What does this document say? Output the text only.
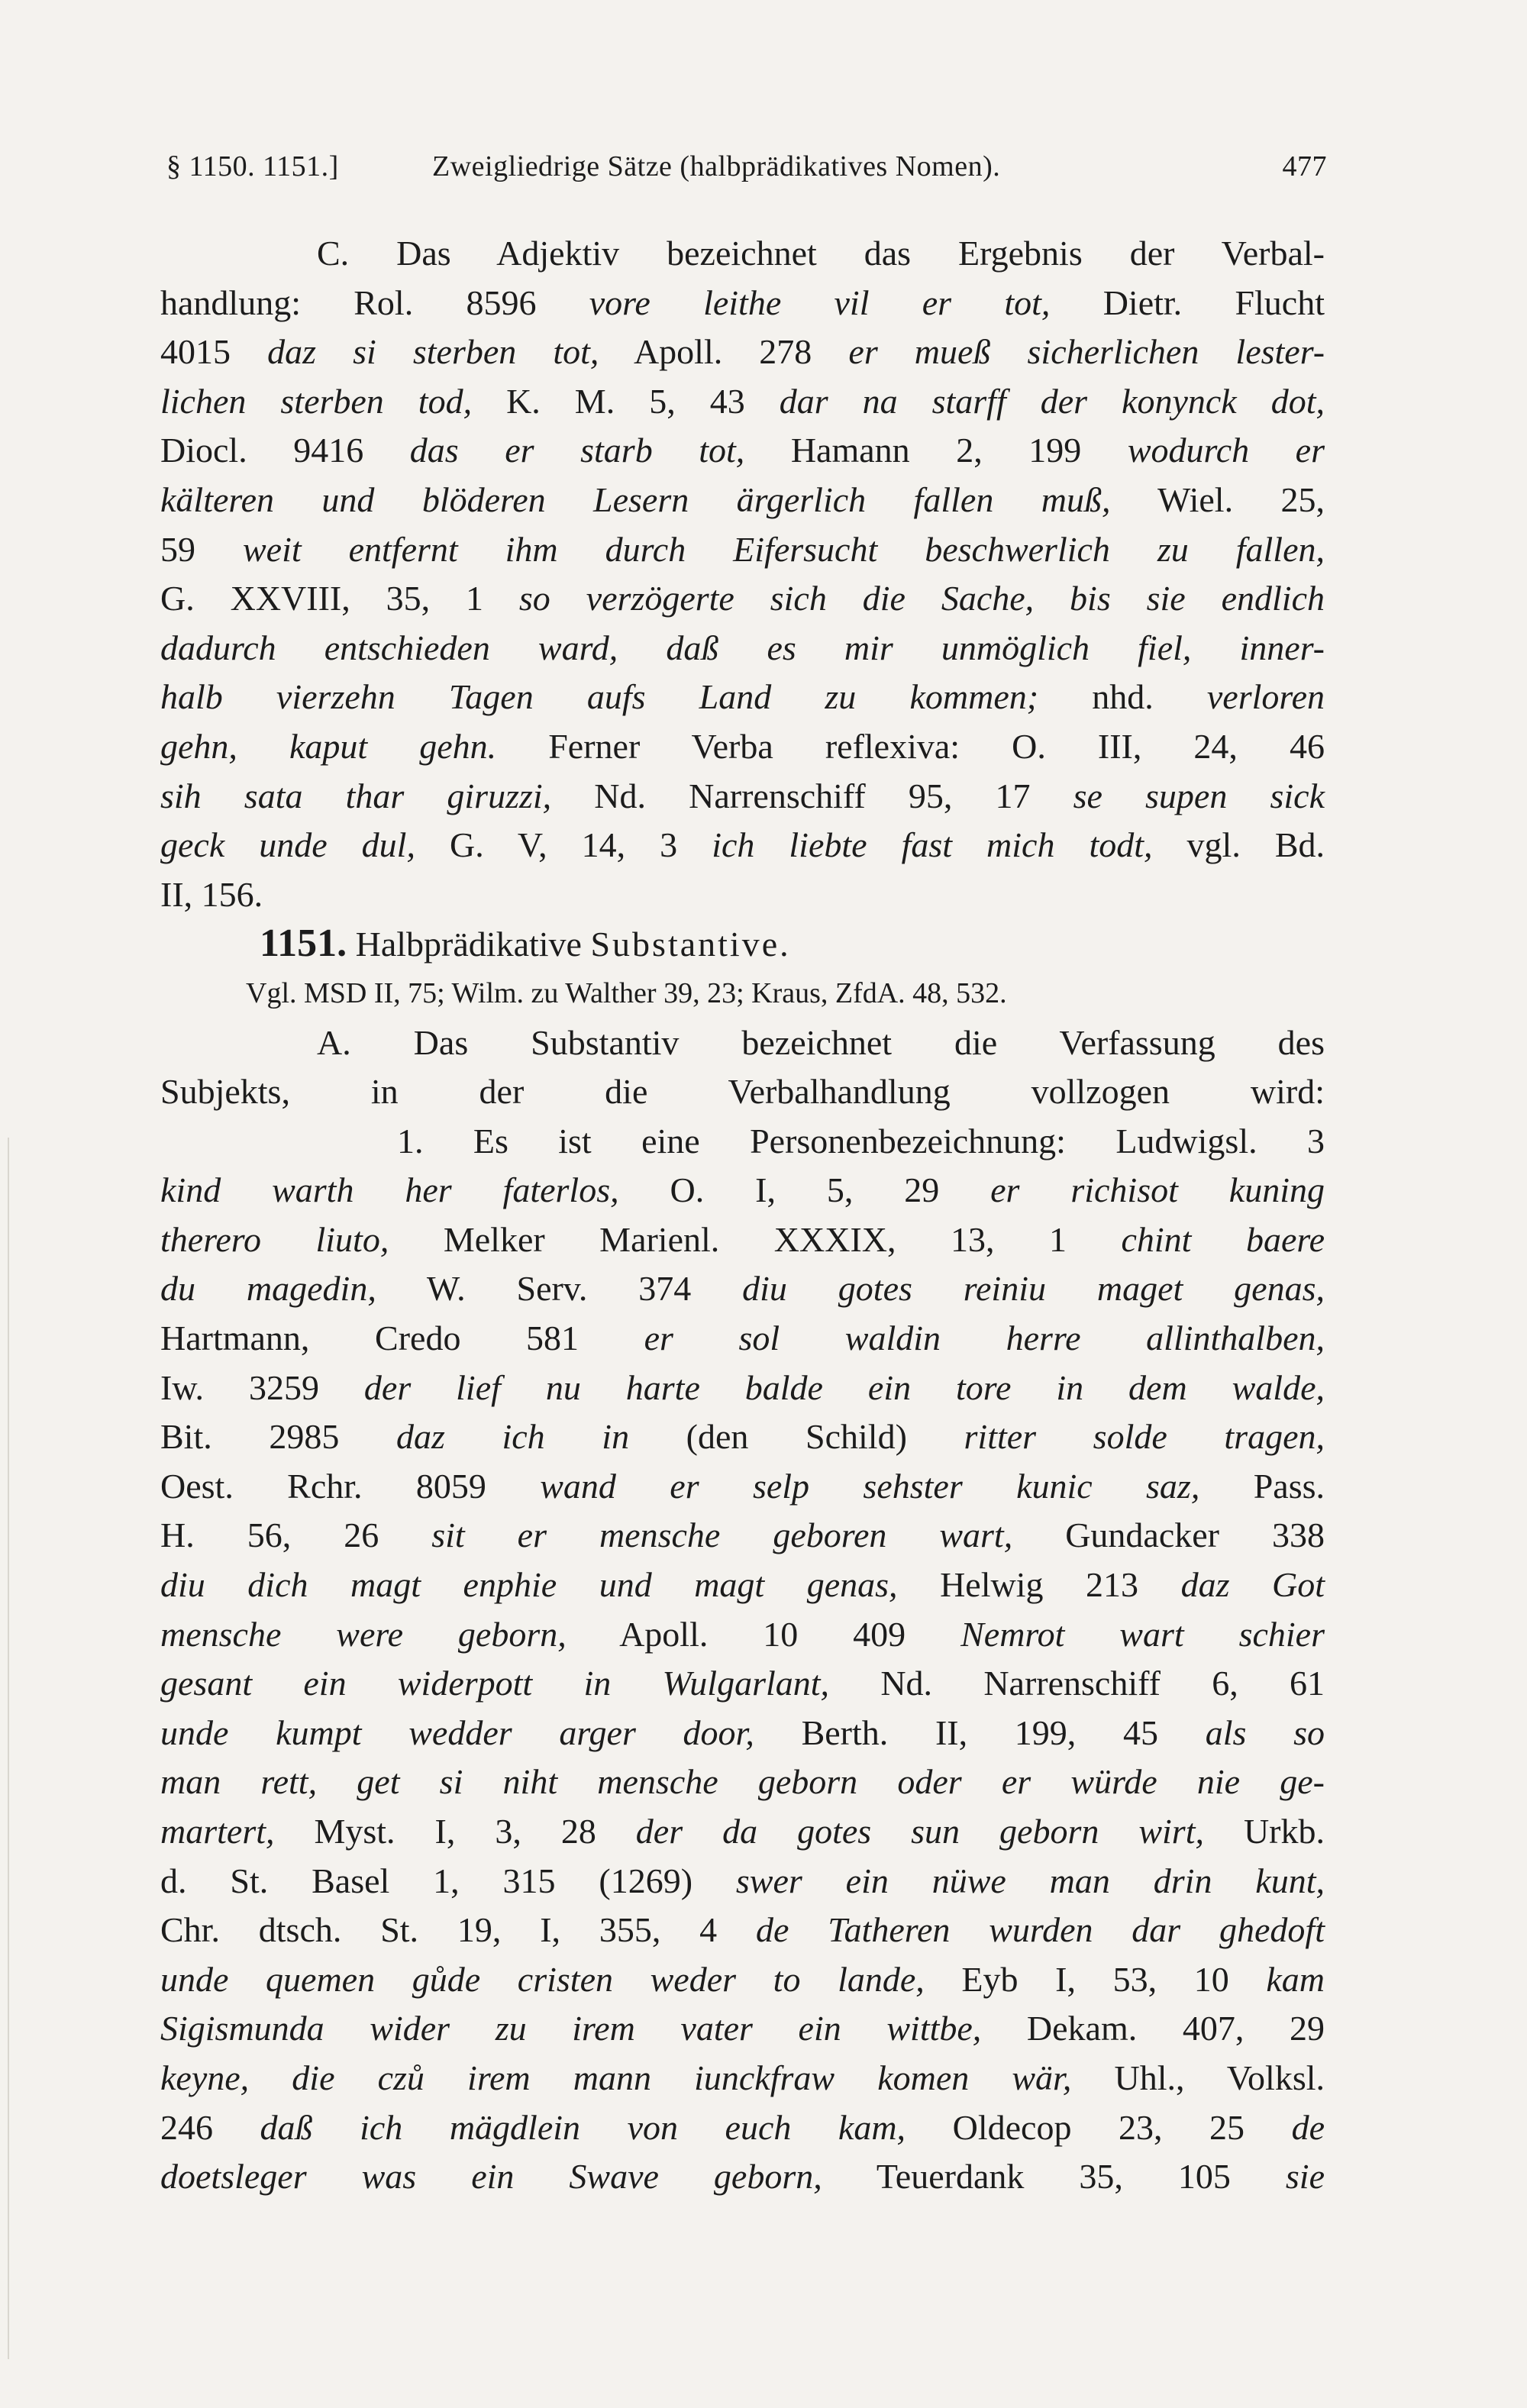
§ 1150. 1151.]	Zweigliedrige Sätze (halbprädikatives Nomen).	477
C. Das Adjektiv bezeichnet das Ergebnis der Verbal-
handlung: Rol. 8596 vore leithe vil er tot, Dietr. Flucht
4015 daz si sterben tot, Apoll. 278 er mueß sicherlichen lester-
lichen sterben tod, K. M. 5, 43 dar na starff der konynck dot,
Diocl. 9416 das er starb tot, Hamann 2, 199 wodurch er
kälteren und blöderen Lesern ärgerlich fallen muß, Wiel. 25,
59 weit entfernt ihm durch Eifersucht beschwerlich zu fallen,
G. XXVIII, 35, 1 so verzögerte sich die Sache, bis sie endlich
dadurch entschieden ward, daß es mir unmöglich fiel, inner-
halb vierzehn Tagen aufs Land zu kommen; nhd. verloren
gehn, kaput gehn. Ferner Verba reflexiva: O. III, 24, 46
sih sata thar giruzzi, Nd. Narrenschiff 95, 17 se supen sick
geck unde dul, G. V, 14, 3 ich liebte fast mich todt, vgl. Bd.
II, 156.
1151. Halbprädikative Substantive.
Vgl. MSD II, 75; Wilm. zu Walther 39, 23; Kraus, ZfdA. 48, 532.
A. Das Substantiv bezeichnet die Verfassung des
Subjekts, in der die Verbalhandlung vollzogen wird:
1. Es ist eine Personenbezeichnung: Ludwigsl. 3
kind warth her faterlos, O. I, 5, 29 er richisot kuning
therero liuto, Melker Marienl. XXXIX, 13, 1 chint baere
du magedin, W. Serv. 374 diu gotes reiniu maget genas,
Hartmann, Credo 581 er sol waldin herre allinthalben,
Iw. 3259 der lief nu harte balde ein tore in dem walde,
Bit. 2985 daz ich in (den Schild) ritter solde tragen,
Oest. Rchr. 8059 wand er selp sehster kunic saz, Pass.
H. 56, 26 sit er mensche geboren wart, Gundacker 338
diu dich magt enphie und magt genas, Helwig 213 daz Got
mensche were geborn, Apoll. 10 409 Nemrot wart schier
gesant ein widerpott in Wulgarlant, Nd. Narrenschiff 6, 61
unde kumpt wedder arger door, Berth. II, 199, 45 als so
man rett, get si niht mensche geborn oder er würde nie ge-
martert, Myst. I, 3, 28 der da gotes sun geborn wirt, Urkb.
d. St. Basel 1, 315 (1269) swer ein nüwe man drin kunt,
Chr. dtsch. St. 19, I, 355, 4 de Tatheren wurden dar ghedoft
unde quemen gůde cristen weder to lande, Eyb I, 53, 10 kam
Sigismunda wider zu irem vater ein wittbe, Dekam. 407, 29
keyne, die czů irem mann iunckfraw komen wär, Uhl., Volksl.
246 daß ich mägdlein von euch kam, Oldecop 23, 25 de
doetsleger was ein Swave geborn, Teuerdank 35, 105 sie
